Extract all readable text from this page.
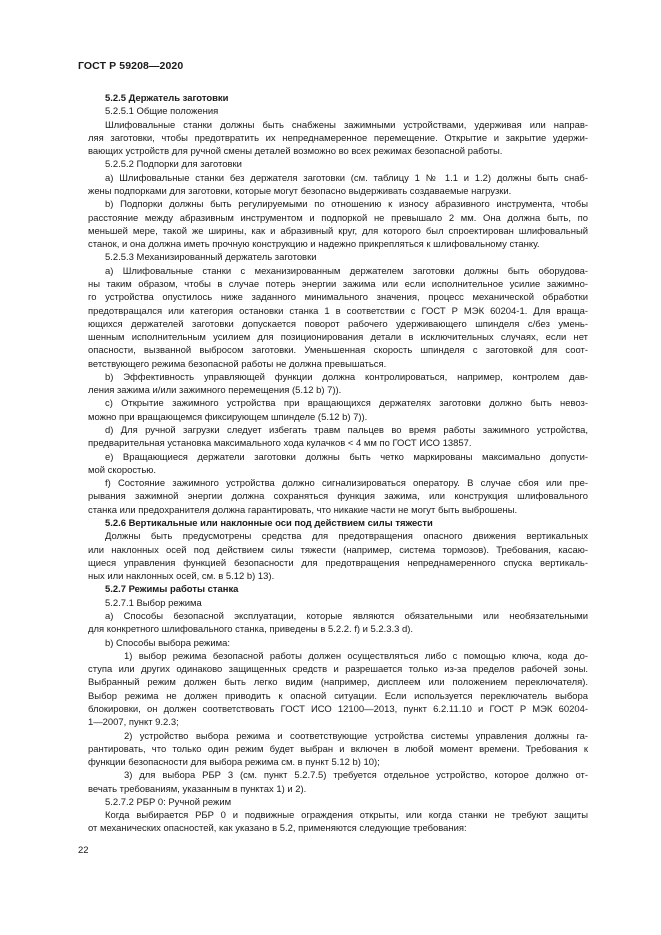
ГОСТ Р 59208—2020

5.2.5 Держатель заготовки

5.2.5.1 Общие положения

Шлифовальные станки должны быть снабжены зажимными устройствами, удерживая или направ-

ляя заготовки, чтобы предотвратить их непреднамеренное перемещение. Открытие и закрытие удержи-

вающих устройств для ручной смены деталей возможно во всех режимах безопасной работы.

5.2.5.2 Подпорки для заготовки

а) Шлифовальные станки без держателя заготовки (см. таблицу 1 № 1.1 и 1.2) должны быть снаб-

жены подпорками для заготовки, которые могут безопасно выдерживать создаваемые нагрузки.

b) Подпорки должны быть регулируемыми по отношению к износу абразивного инструмента, чтобы

расстояние между абразивным инструментом и подпоркой не превышало 2 мм. Она должна быть, по

меньшей мере, такой же ширины, как и абразивный круг, для которого был спроектирован шлифовальный

станок, и она должна иметь прочную конструкцию и надежно прикрепляться к шлифовальному станку.

5.2.5.3 Механизированный держатель заготовки

а) Шлифовальные станки с механизированным держателем заготовки должны быть оборудова-

ны таким образом, чтобы в случае потерь энергии зажима или если исполнительное усилие зажимно-

го устройства опустилось ниже заданного минимального значения, процесс механической обработки

предотвращался или категория остановки станка 1 в соответствии с ГОСТ Р МЭК 60204-1. Для враща-

ющихся держателей заготовки допускается поворот рабочего удерживающего шпинделя с/без умень-

шенным исполнительным усилием для позиционирования детали в исключительных случаях, если нет

опасности, вызванной выбросом заготовки. Уменьшенная скорость шпинделя с заготовкой для соот-

ветствующего режима безопасной работы не должна превышаться.

b) Эффективность управляющей функции должна контролироваться, например, контролем дав-

ления зажима и/или зажимного перемещения (5.12 b) 7)).

c) Открытие зажимного устройства при вращающихся держателях заготовки должно быть невоз-

можно при вращающемся фиксирующем шпинделе (5.12 b) 7)).

d) Для ручной загрузки следует избегать травм пальцев во время работы зажимного устройства,

предварительная установка максимального хода кулачков < 4 мм по ГОСТ ИСО 13857.

e) Вращающиеся держатели заготовки должны быть четко маркированы максимально допусти-

мой скоростью.

f) Состояние зажимного устройства должно сигнализироваться оператору. В случае сбоя или пре-

рывания зажимной энергии должна сохраняться функция зажима, или конструкция шлифовального

станка или предохранителя должна гарантировать, что никакие части не могут быть выброшены.

5.2.6 Вертикальные или наклонные оси под действием силы тяжести

Должны быть предусмотрены средства для предотвращения опасного движения вертикальных

или наклонных осей под действием силы тяжести (например, система тормозов). Требования, касаю-

щиеся управления функцией безопасности для предотвращения непреднамеренного спуска вертикаль-

ных или наклонных осей, см. в 5.12 b) 13).

5.2.7 Режимы работы станка

5.2.7.1 Выбор режима

а) Способы безопасной эксплуатации, которые являются обязательными или необязательными

для конкретного шлифовального станка, приведены в 5.2.2. f) и 5.2.3.3 d).

b) Способы выбора режима:

1) выбор режима безопасной работы должен осуществляться либо с помощью ключа, кода до-

ступа или других одинаково защищенных средств и разрешается только из-за пределов рабочей зоны.

Выбранный режим должен быть легко видим (например, дисплеем или положением переключателя).

Выбор режима не должен приводить к опасной ситуации. Если используется переключатель выбора

блокировки, он должен соответствовать ГОСТ ИСО 12100—2013, пункт 6.2.11.10 и ГОСТ Р МЭК 60204-

1—2007, пункт 9.2.3;

2) устройство выбора режима и соответствующие устройства системы управления должны га-

рантировать, что только один режим будет выбран и включен в любой момент времени. Требования к

функции безопасности для выбора режима см. в пункт 5.12 b) 10);

3) для выбора РБР 3 (см. пункт 5.2.7.5) требуется отдельное устройство, которое должно от-

вечать требованиям, указанным в пунктах 1) и 2).

5.2.7.2 РБР 0: Ручной режим

Когда выбирается РБР 0 и подвижные ограждения открыты, или когда станки не требуют защиты

от механических опасностей, как указано в 5.2, применяются следующие требования:

22
